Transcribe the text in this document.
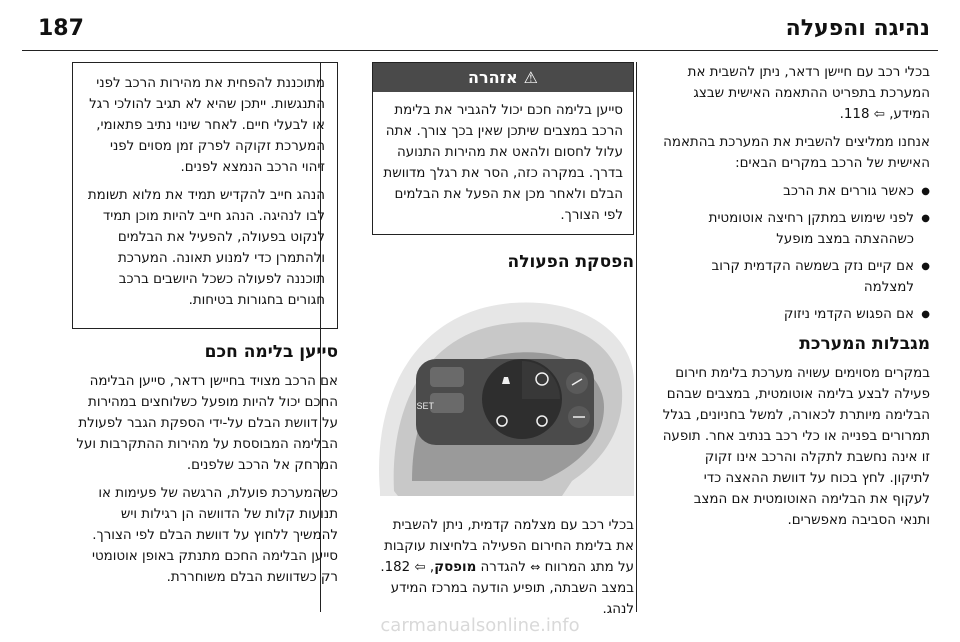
נהיגה והפעלה
187

בכלי רכב עם חיישן רדאר, ניתן להשבית את המערכת בתפריט ההתאמה האישית שבצג המידע, ⇦ 118.

אנחנו ממליצים להשבית את המערכת בהתאמה האישית של הרכב במקרים הבאים:

● כאשר גוררים את הרכב
● לפני שימוש במתקן רחיצה אוטומטית כשההצתה במצב מופעל
● אם קיים נזק בשמשה הקדמית קרוב למצלמה
● אם הפגוש הקדמי ניזוק
מגבלות המערכת

במקרים מסוימים עשויה מערכת בלימת חירום פעילה לבצע בלימה אוטומטית, במצבים שבהם הבלימה מיותרת לכאורה, למשל בחניונים, בגלל תמרורים בפנייה או כלי רכב בנתיב אחר. תופעה זו אינה נחשבת לתקלה והרכב אינו זקוק לתיקון. לחץ בכוח על דוושת ההאצה כדי לעקוף את הבלימה האוטומטית אם המצב ותנאי הסביבה מאפשרים.

⚠אזהרה
סייען בלימה חכם יכול להגביר את בלימת הרכב במצבים שיתכן שאין בכך צורך. אתה עלול לחסום ולהאט את מהירות התנועה בדרך. במקרה כזה, הסר את רגלך מדוושת הבלם ולאחר מכן את הפעל את הבלמים לפי הצורך.
הפסקת הפעולה
SET

בכלי רכב עם מצלמה קדמית, ניתן להשבית את בלימת החירום הפעילה בלחיצות עוקבות על מתג המרווח ⇔ להגדרה מופסק, ⇦ 182. במצב השבתה, תופיע הודעה במרכז המידע לנהג.

מתוכננת להפחית את מהירות הרכב לפני התנגשות. ייתכן שהיא לא תגיב להולכי רגל או לבעלי חיים. לאחר שינוי נתיב פתאומי, המערכת זקוקה לפרק זמן מסוים לפני זיהוי הרכב הנמצא לפנים.

הנהג חייב להקדיש תמיד את מלוא תשומת לבו לנהיגה. הנהג חייב להיות מוכן תמיד לנקוט בפעולה, להפעיל את הבלמים ולהתמרן כדי למנוע תאונה. המערכת תוכננה לפעולה כשכל היושבים ברכב חגורים בחגורות בטיחות.

סייען בלימה חכם

אם הרכב מצויד בחיישן רדאר, סייען הבלימה החכם יכול להיות מופעל כשלוחצים במהירות על דוושת הבלם על-ידי הספקת הגבר לפעולת הבלימה המבוססת על מהירות ההתקרבות ועל המרחק אל הרכב שלפנים.

כשהמערכת פועלת, הרגשה של פעימות או תנועות קלות של הדוושה הן רגילות ויש להמשיך ללחוץ על דוושת הבלם לפי הצורך. סייען הבלימה החכם מתנתק באופן אוטומטי רק כשדוושת הבלם משוחררת.

carmanualsonline.info
